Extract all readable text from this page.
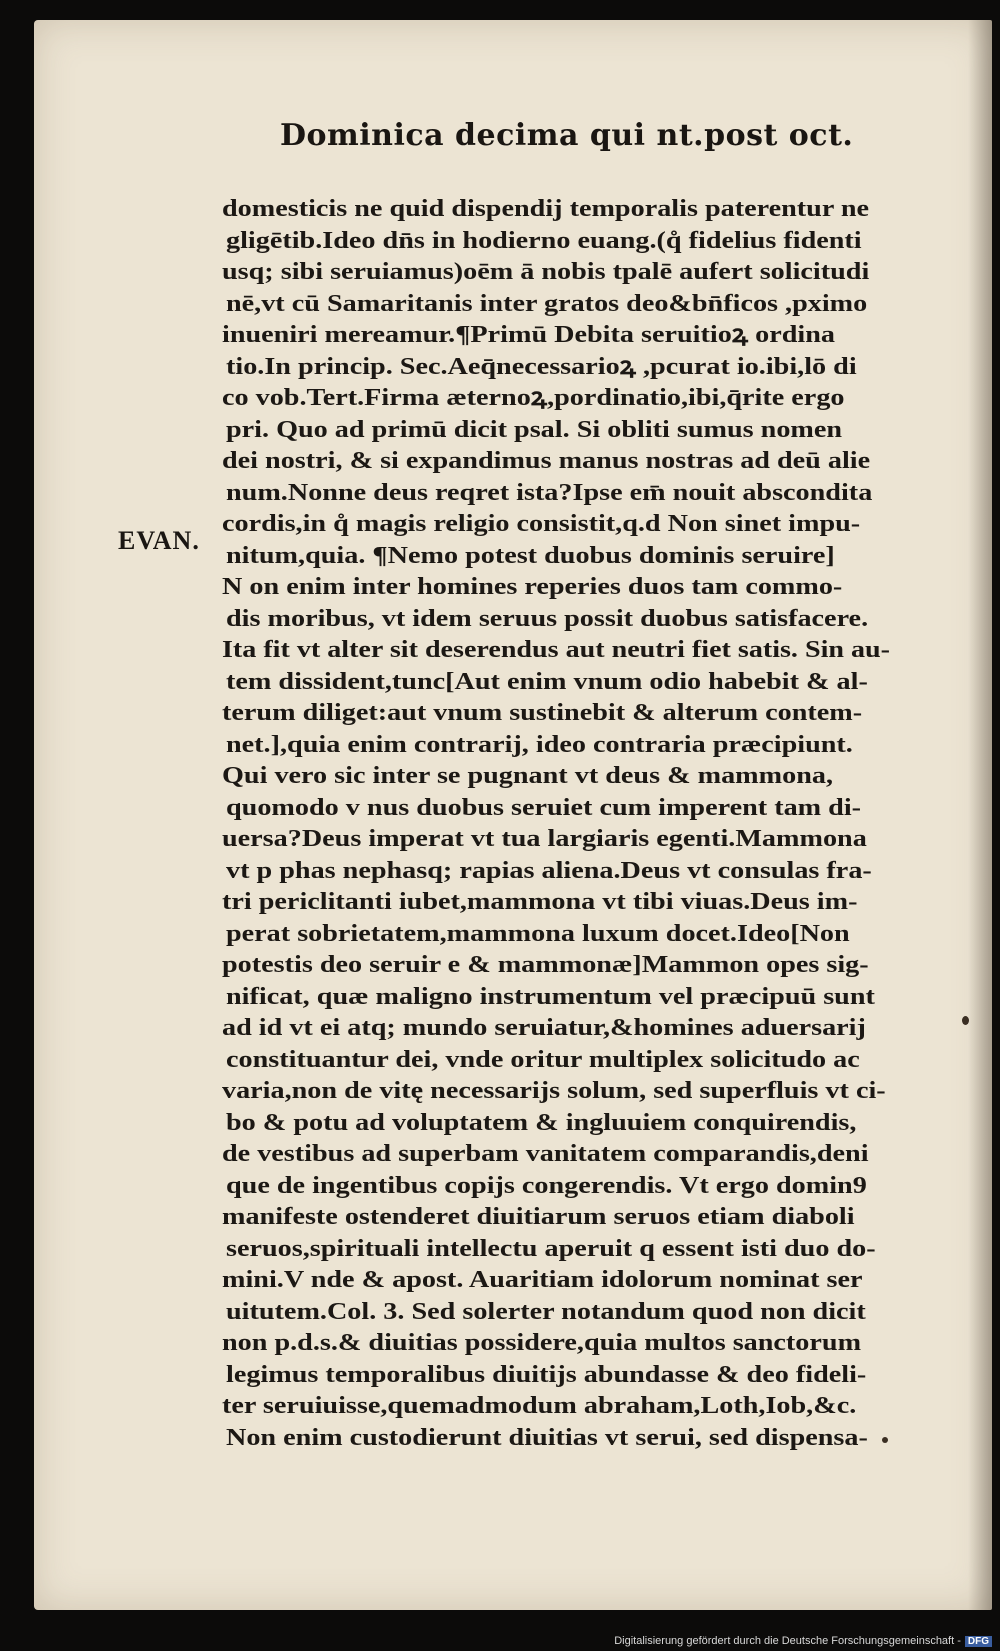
Dominica decima qui nt.post oct.
EVAN.
domesticis ne quid dispendij temporalis paterentur ne
gligētib.Ideo dn̄s in hodierno euang.(q̊ fidelius fidenti
usq; sibi seruiamus)oēm ā nobis tpalē aufert solicitudi
nē,vt cū Samaritanis inter gratos deo&bn̄ficos ,pximo
inueniri mereamur.¶Primū Debita seruitioꝝ ordina
tio.In princip. Sec.Aeq̄necessarioꝝ ,pcurat io.ibi,lō di
co vob.Tert.Firma æternoꝝ,pordinatio,ibi,q̄rite ergo
pri. Quo ad primū dicit psal. Si obliti sumus nomen
dei nostri, & si expandimus manus nostras ad deū alie
num.Nonne deus reqret ista?Ipse em̄ nouit abscondita
cordis,in q̊ magis religio consistit,q.d Non sinet impu-
nitum,quia. ¶Nemo potest duobus dominis seruire]
N on enim inter homines reperies duos tam commo-
dis moribus, vt idem seruus possit duobus satisfacere.
Ita fit vt alter sit deserendus aut neutri fiet satis. Sin au-
tem dissident,tunc[Aut enim vnum odio habebit & al-
terum diliget:aut vnum sustinebit & alterum contem-
net.],quia enim contrarij, ideo contraria præcipiunt.
Qui vero sic inter se pugnant vt deus & mammona,
quomodo v nus duobus seruiet cum imperent tam di-
uersa?Deus imperat vt tua largiaris egenti.Mammona
vt p phas nephasq; rapias aliena.Deus vt consulas fra-
tri periclitanti iubet,mammona vt tibi viuas.Deus im-
perat sobrietatem,mammona luxum docet.Ideo[Non
potestis deo seruir e & mammonæ]Mammon opes sig-
nificat, quæ maligno instrumentum vel præcipuū sunt
ad id vt ei atq; mundo seruiatur,&homines aduersarij
constituantur dei, vnde oritur multiplex solicitudo ac
varia,non de vitę necessarijs solum, sed superfluis vt ci-
bo & potu ad voluptatem & ingluuiem conquirendis,
de vestibus ad superbam vanitatem comparandis,deni
que de ingentibus copijs congerendis. Vt ergo domin9
manifeste ostenderet diuitiarum seruos etiam diaboli
seruos,spirituali intellectu aperuit q essent isti duo do-
mini.V nde & apost. Auaritiam idolorum nominat ser
uitutem.Col. 3. Sed solerter notandum quod non dicit
non p.d.s.& diuitias possidere,quia multos sanctorum
legimus temporalibus diuitijs abundasse & deo fideli-
ter seruiuisse,quemadmodum abraham,Loth,Iob,&c.
Non enim custodierunt diuitias vt serui, sed dispensa-
Digitalisierung gefördert durch die Deutsche Forschungsgemeinschaft - DFG
